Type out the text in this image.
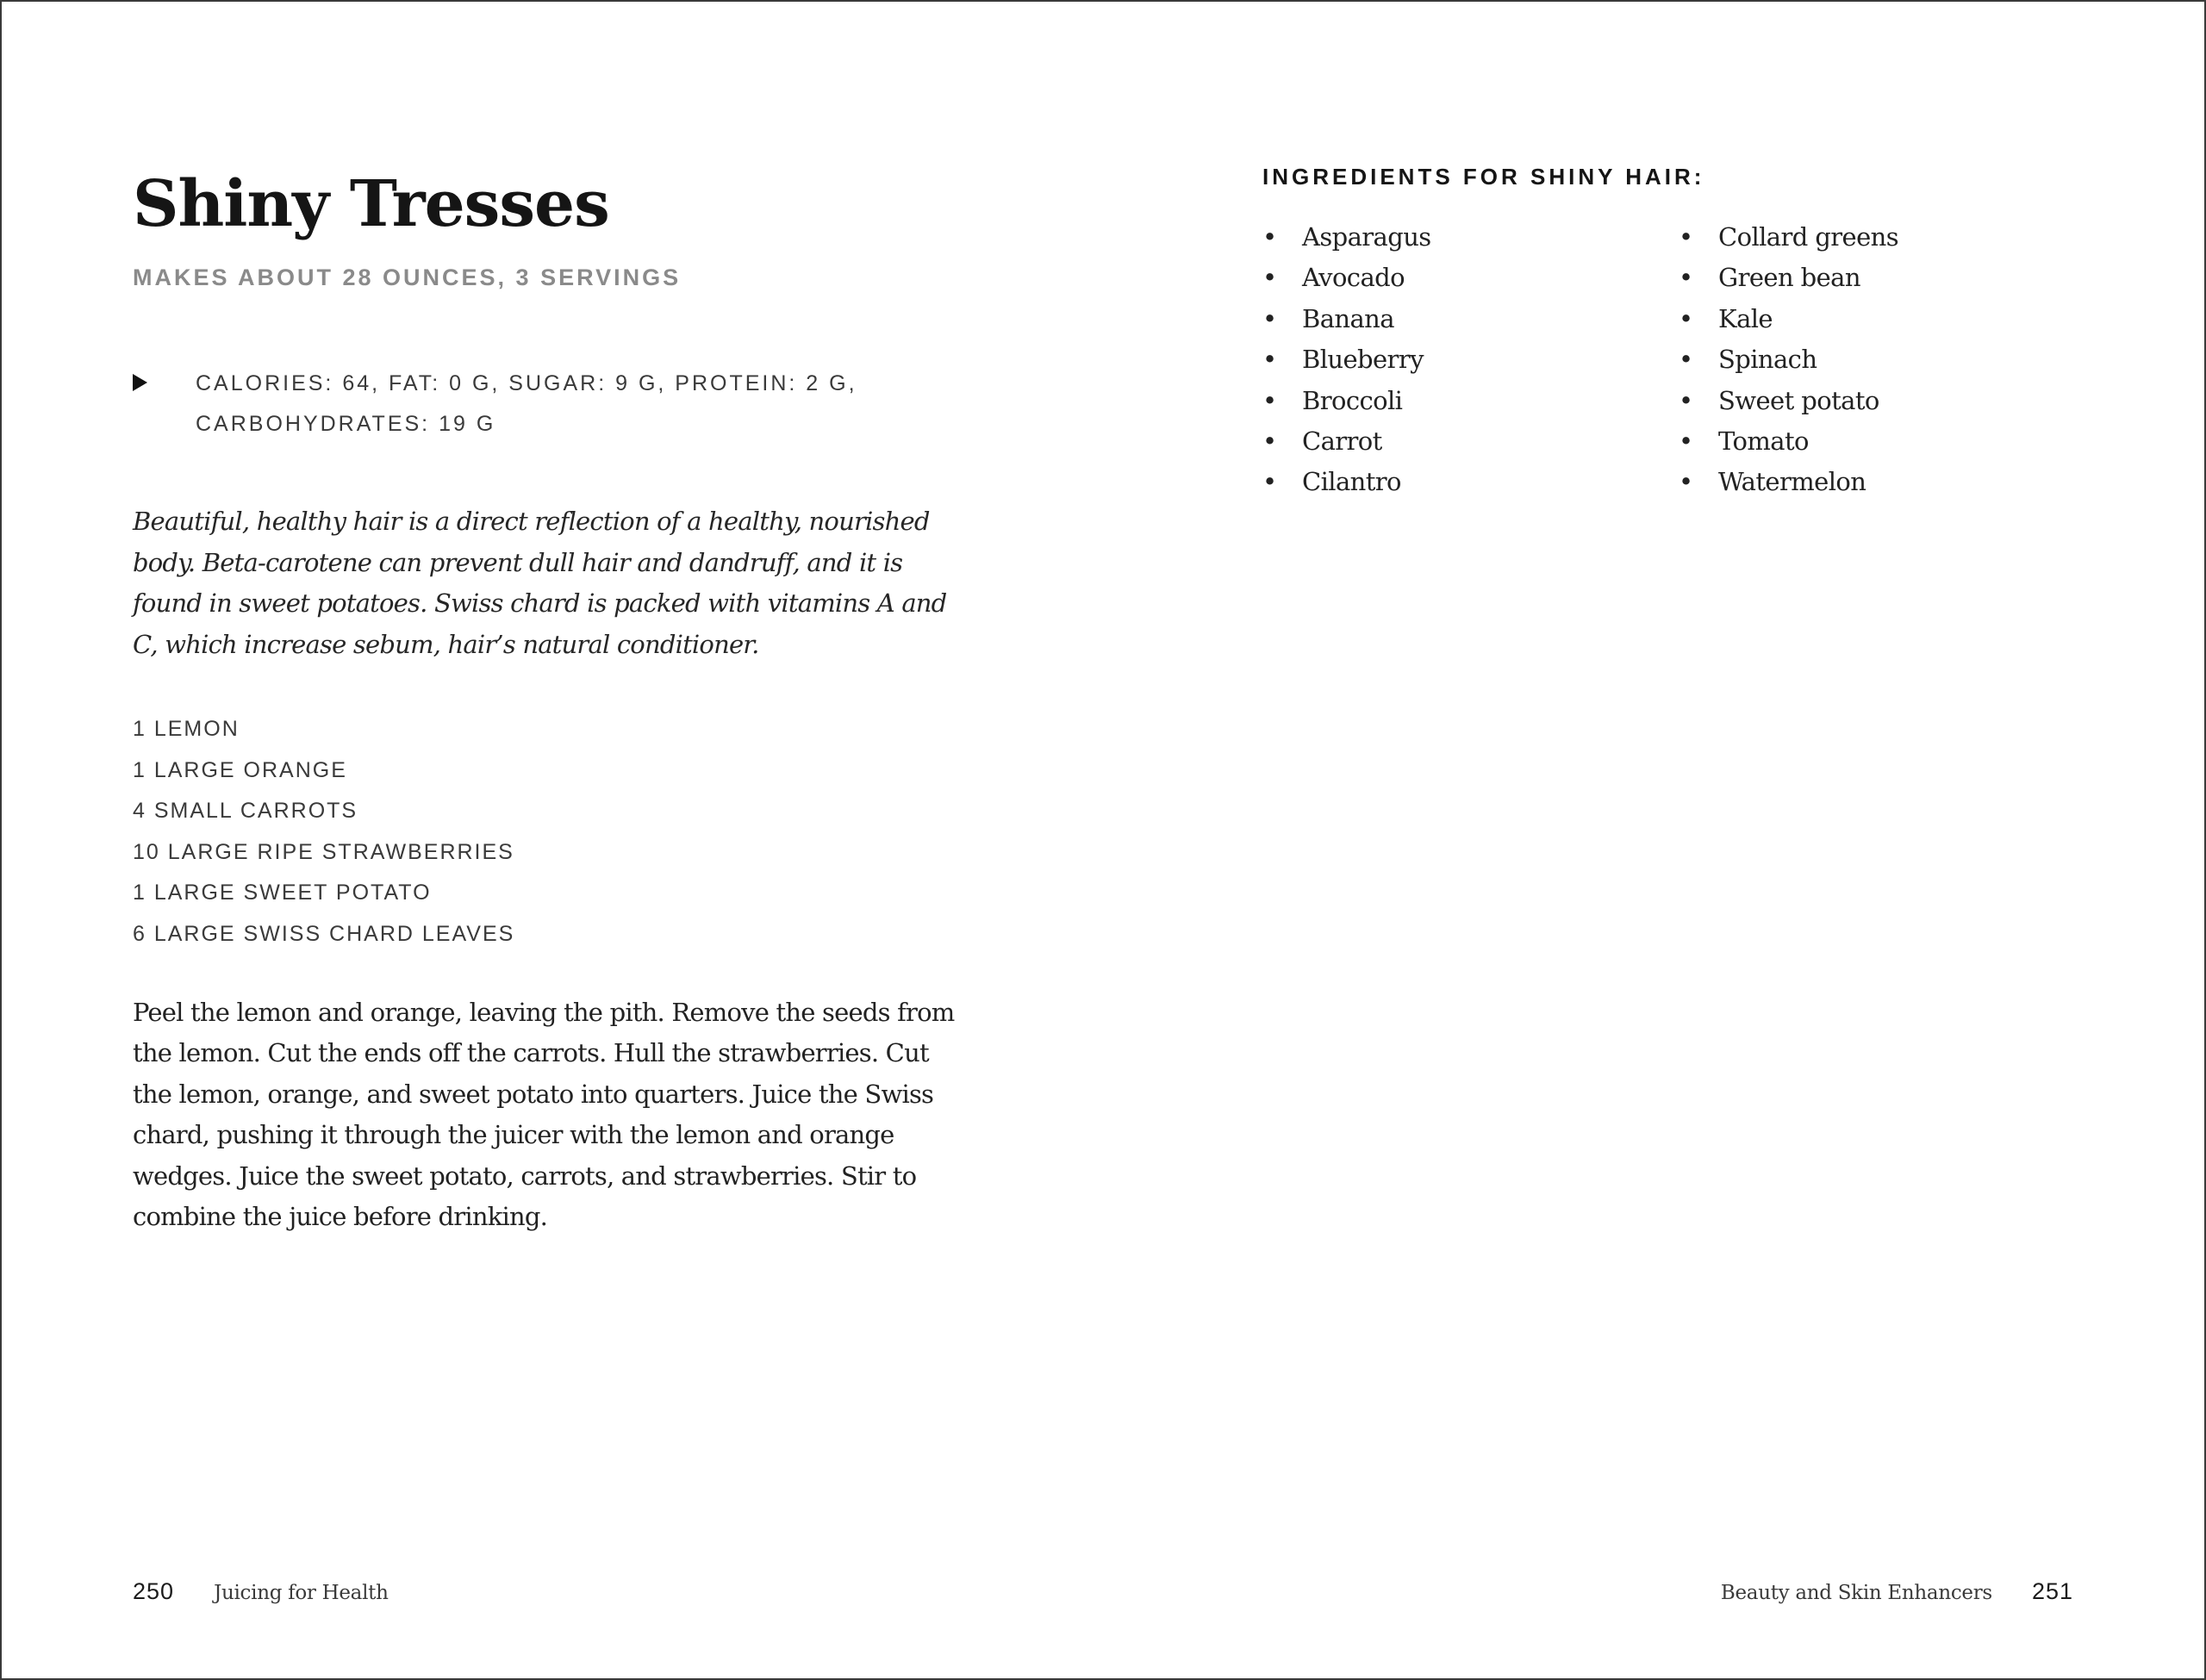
Shiny Tresses
MAKES ABOUT 28 OUNCES, 3 SERVINGS
CALORIES: 64, FAT: 0 G, SUGAR: 9 G, PROTEIN: 2 G, CARBOHYDRATES: 19 G

Beautiful, healthy hair is a direct reflection of a healthy, nourished body. Beta-carotene can prevent dull hair and dandruff, and it is found in sweet potatoes. Swiss chard is packed with vitamins A and C, which increase sebum, hair’s natural conditioner.

1 LEMON
1 LARGE ORANGE
4 SMALL CARROTS
10 LARGE RIPE STRAWBERRIES
1 LARGE SWEET POTATO
6 LARGE SWISS CHARD LEAVES

Peel the lemon and orange, leaving the pith. Remove the seeds from the lemon. Cut the ends off the carrots. Hull the strawberries. Cut the lemon, orange, and sweet potato into quarters. Juice the Swiss chard, pushing it through the juicer with the lemon and orange wedges. Juice the sweet potato, carrots, and strawberries. Stir to combine the juice before drinking.

INGREDIENTS FOR SHINY HAIR:
• Asparagus
• Avocado
• Banana
• Blueberry
• Broccoli
• Carrot
• Cilantro
• Collard greens
• Green bean
• Kale
• Spinach
• Sweet potato
• Tomato
• Watermelon
250 Juicing for Health	Beauty and Skin Enhancers 251
